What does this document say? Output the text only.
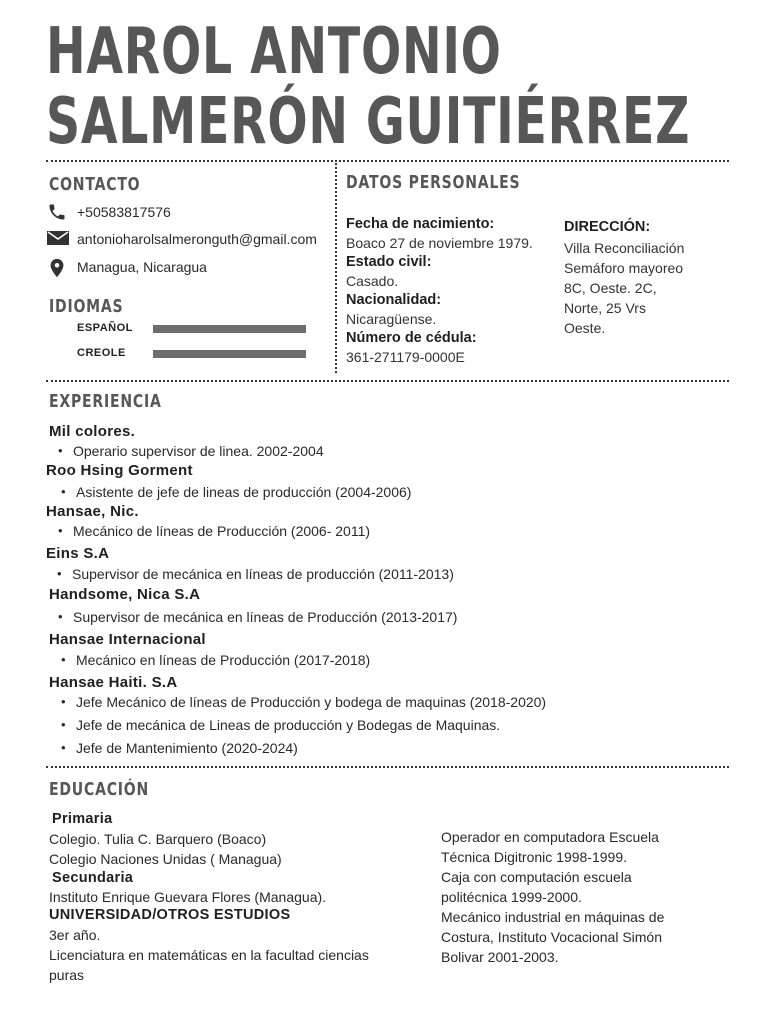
HAROL ANTONIO
SALMERÓN GUITIÉRREZ
CONTACTO
+50583817576
antonioharolsalmeronguth@gmail.com
Managua, Nicaragua
IDIOMAS
ESPAÑOL
CREOLE
DATOS PERSONALES
Fecha de nacimiento:
Boaco 27 de noviembre 1979.
Estado civil:
Casado.
Nacionalidad:
Nicaragüense.
Número de cédula:
361-271179-0000E
DIRECCIÓN:
Villa Reconciliación
Semáforo mayoreo
8C, Oeste. 2C,
Norte, 25 Vrs
Oeste.
EXPERIENCIA
Mil colores.
• Operario supervisor de linea. 2002-2004
Roo Hsing Gorment
• Asistente de jefe de lineas de producción (2004-2006)
Hansae, Nic.
• Mecánico de líneas de Producción (2006- 2011)
Eins S.A
• Supervisor de mecánica en líneas de producción (2011-2013)
Handsome, Nica S.A
• Supervisor de mecánica en líneas de Producción (2013-2017)
Hansae Internacional
• Mecánico en líneas de Producción (2017-2018)
Hansae Haiti. S.A
• Jefe Mecánico de líneas de Producción y bodega de maquinas (2018-2020)
• Jefe de mecánica de Lineas de producción y Bodegas de Maquinas.
• Jefe de Mantenimiento (2020-2024)
EDUCACIÓN
Primaria
Colegio. Tulia C. Barquero (Boaco)
Colegio Naciones Unidas ( Managua)
Secundaria
Instituto Enrique Guevara Flores (Managua).
UNIVERSIDAD/OTROS ESTUDIOS
3er año.
Licenciatura en matemáticas en la facultad ciencias
puras
Operador en computadora Escuela
Técnica Digitronic 1998-1999.
Caja con computación escuela
politécnica 1999-2000.
Mecánico industrial en máquinas de
Costura, Instituto Vocacional Simón
Bolivar 2001-2003.
